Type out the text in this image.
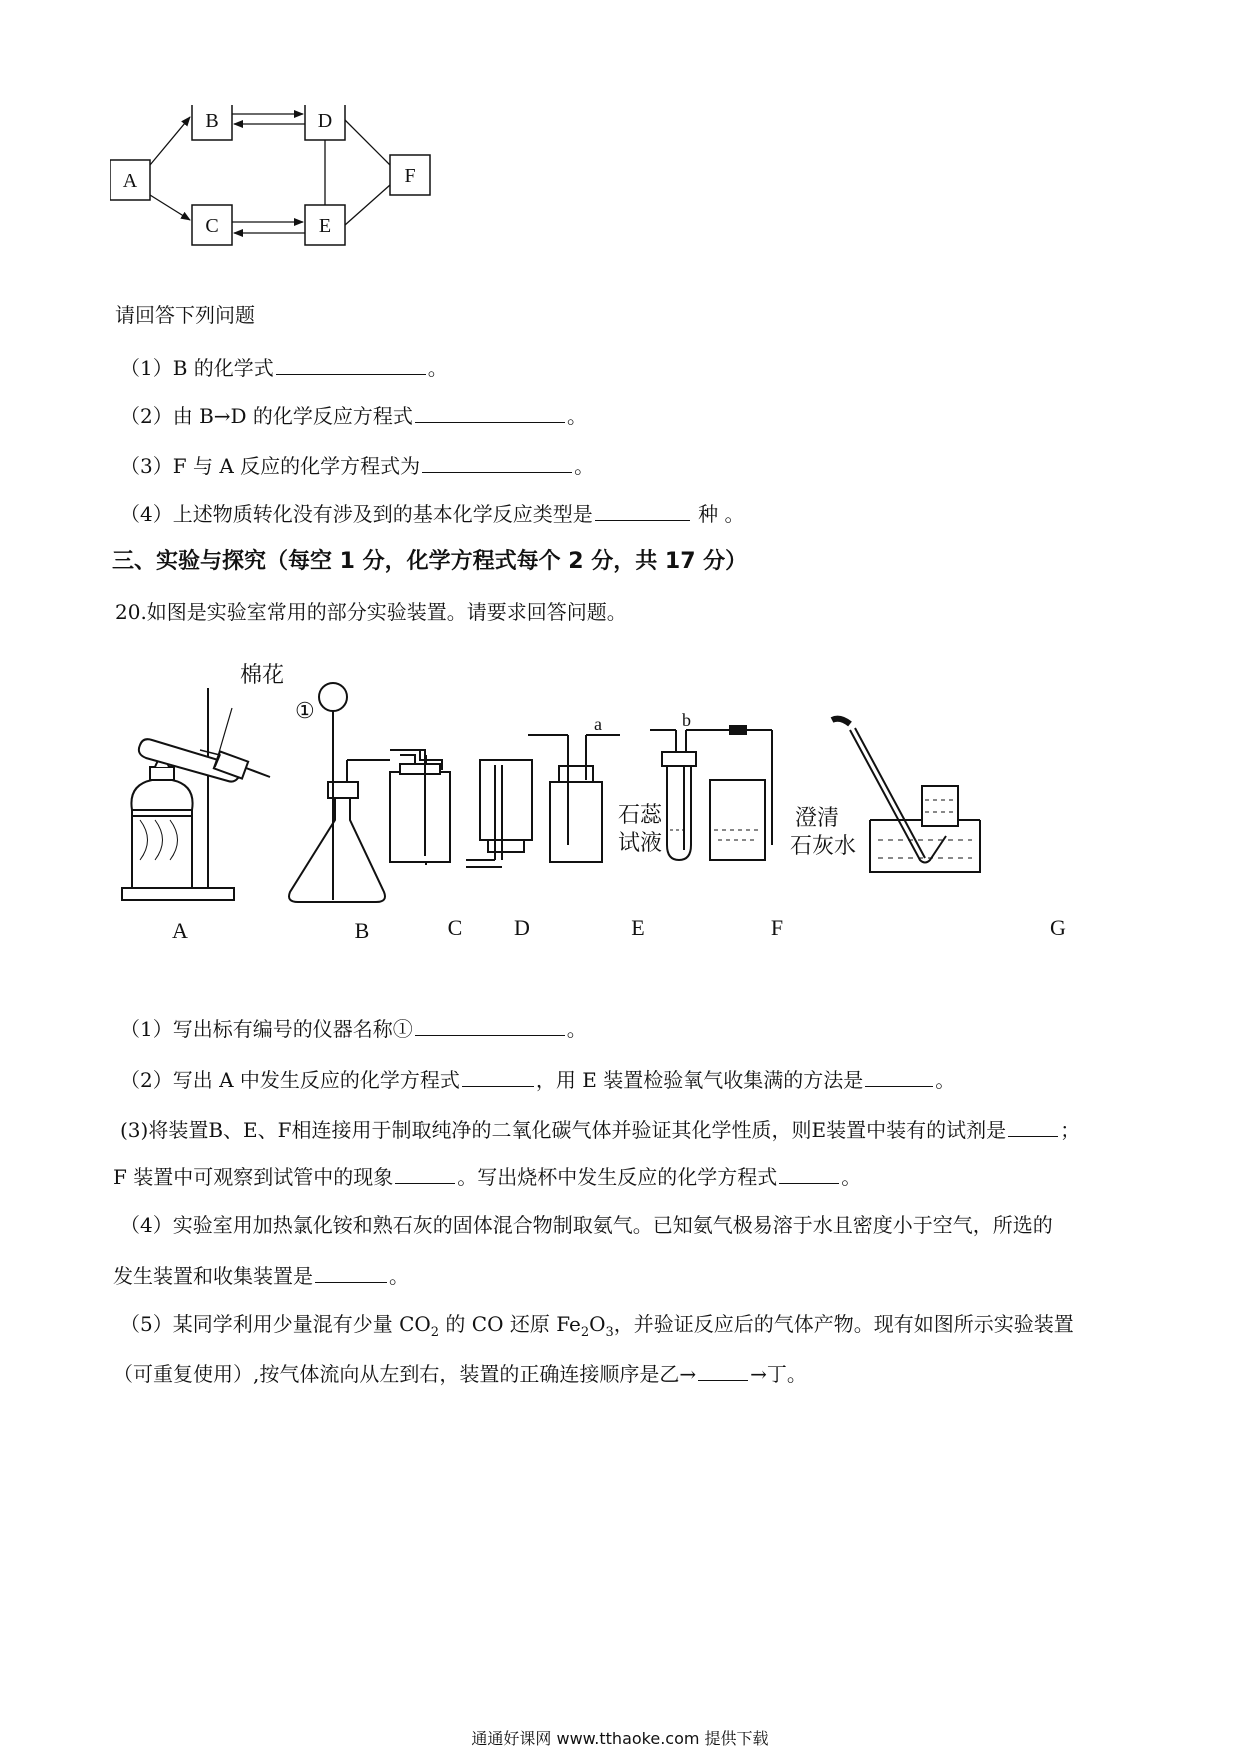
A
B
C
D
E
F
请回答下列问题
（1）B 的化学式	。
（2）由 B→D 的化学反应方程式	。
（3）F 与 A 反应的化学方程式为	。
（4）上述物质转化没有涉及到的基本化学反应类型是	种 。
三、实验与探究（每空 1 分，化学方程式每个 2 分，共 17 分）
20.如图是实验室常用的部分实验装置。请要求回答问题。
A	B	C D	E	F	G
棉花
①
a	b
石蕊
试液
澄清
石灰水
（1）写出标有编号的仪器名称①	。
（2）写出 A 中发生反应的化学方程式	，用 E 装置检验氧气收集满的方法是	。
(3)将装置B、E、F相连接用于制取纯净的二氧化碳气体并验证其化学性质，则E装置中装有的试剂是	；
F 装置中可观察到试管中的现象	。写出烧杯中发生反应的化学方程式	。
（4）实验室用加热氯化铵和熟石灰的固体混合物制取氨气。已知氨气极易溶于水且密度小于空气，所选的
发生装置和收集装置是	。
（5）某同学利用少量混有少量 $CO_2$ 的 CO 还原 $Fe_2O_3$，并验证反应后的气体产物。现有如图所示实验装置
（可重复使用）,按气体流向从左到右，装置的正确连接顺序是乙→	→丁。
通通好课网 www.tthaoke.com 提供下载
